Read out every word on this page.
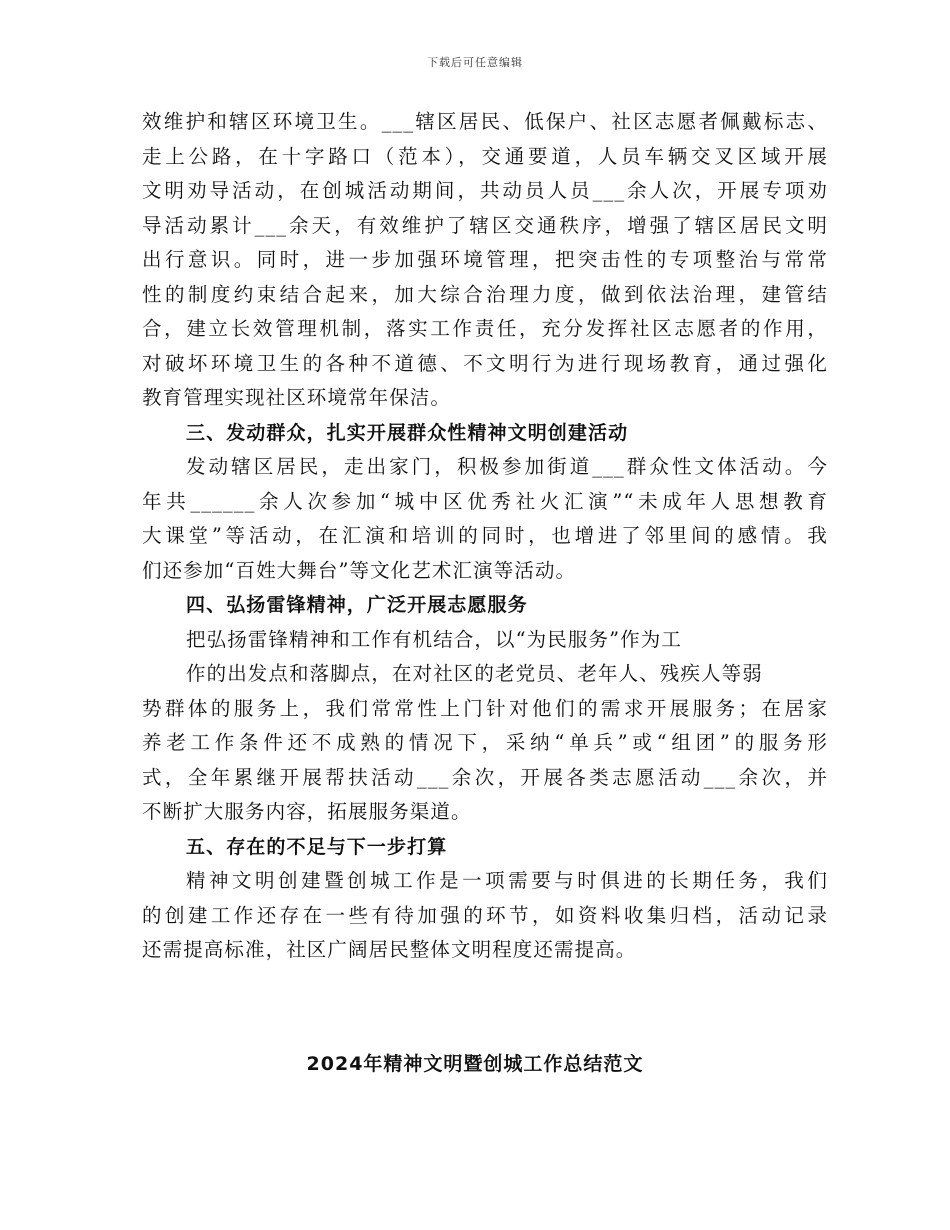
下载后可任意编辑
效维护和辖区环境卫生。___辖区居民、低保户、社区志愿者佩戴标志、
走上公路，在十字路口（范本），交通要道，人员车辆交叉区域开展
文明劝导活动，在创城活动期间，共动员人员___余人次，开展专项劝
导活动累计___余天，有效维护了辖区交通秩序，增强了辖区居民文明
出行意识。同时，进一步加强环境管理，把突击性的专项整治与常常
性的制度约束结合起来，加大综合治理力度，做到依法治理，建管结
合，建立长效管理机制，落实工作责任，充分发挥社区志愿者的作用，
对破坏环境卫生的各种不道德、不文明行为进行现场教育，通过强化
教育管理实现社区环境常年保洁。
三、发动群众，扎实开展群众性精神文明创建活动
发动辖区居民，走出家门，积极参加街道___群众性文体活动。今
年共______余人次参加“城中区优秀社火汇演”“未成年人思想教育
大课堂”等活动，在汇演和培训的同时，也增进了邻里间的感情。我
们还参加“百姓大舞台”等文化艺术汇演等活动。
四、弘扬雷锋精神，广泛开展志愿服务
把弘扬雷锋精神和工作有机结合，以“为民服务”作为工
作的出发点和落脚点，在对社区的老党员、老年人、残疾人等弱
势群体的服务上，我们常常性上门针对他们的需求开展服务；在居家
养老工作条件还不成熟的情况下，采纳“单兵”或“组团”的服务形
式，全年累继开展帮扶活动___余次，开展各类志愿活动___余次，并
不断扩大服务内容，拓展服务渠道。
五、存在的不足与下一步打算
精神文明创建暨创城工作是一项需要与时俱进的长期任务，我们
的创建工作还存在一些有待加强的环节，如资料收集归档，活动记录
还需提高标准，社区广阔居民整体文明程度还需提高。
2024年精神文明暨创城工作总结范文
